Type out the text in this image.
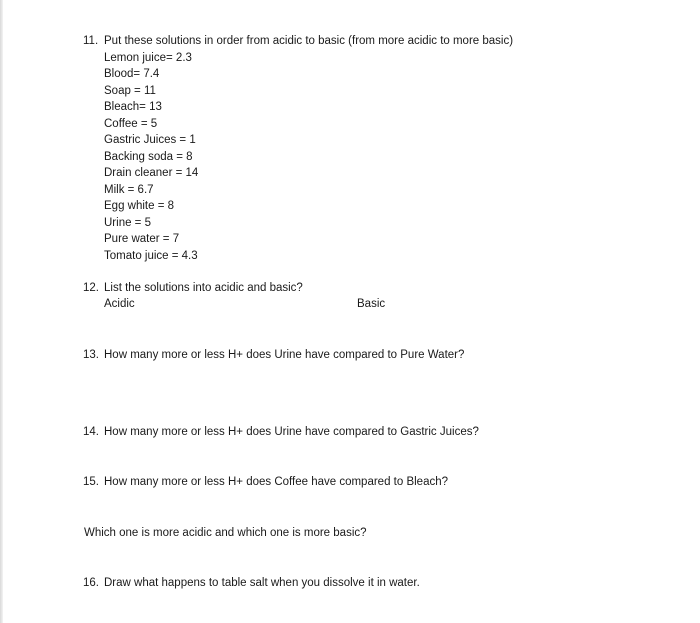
11. Put these solutions in order from acidic to basic (from more acidic to more basic)
Lemon juice= 2.3
Blood= 7.4
Soap = 11
Bleach= 13
Coffee = 5
Gastric Juices = 1
Backing soda = 8
Drain cleaner = 14
Milk = 6.7
Egg white = 8
Urine = 5
Pure water = 7
Tomato juice = 4.3
12. List the solutions into acidic and basic?
Acidic	Basic
13. How many more or less H+ does Urine have compared to Pure Water?
14. How many more or less H+ does Urine have compared to Gastric Juices?
15. How many more or less H+ does Coffee have compared to Bleach?
Which one is more acidic and which one is more basic?
16. Draw what happens to table salt when you dissolve it in water.
